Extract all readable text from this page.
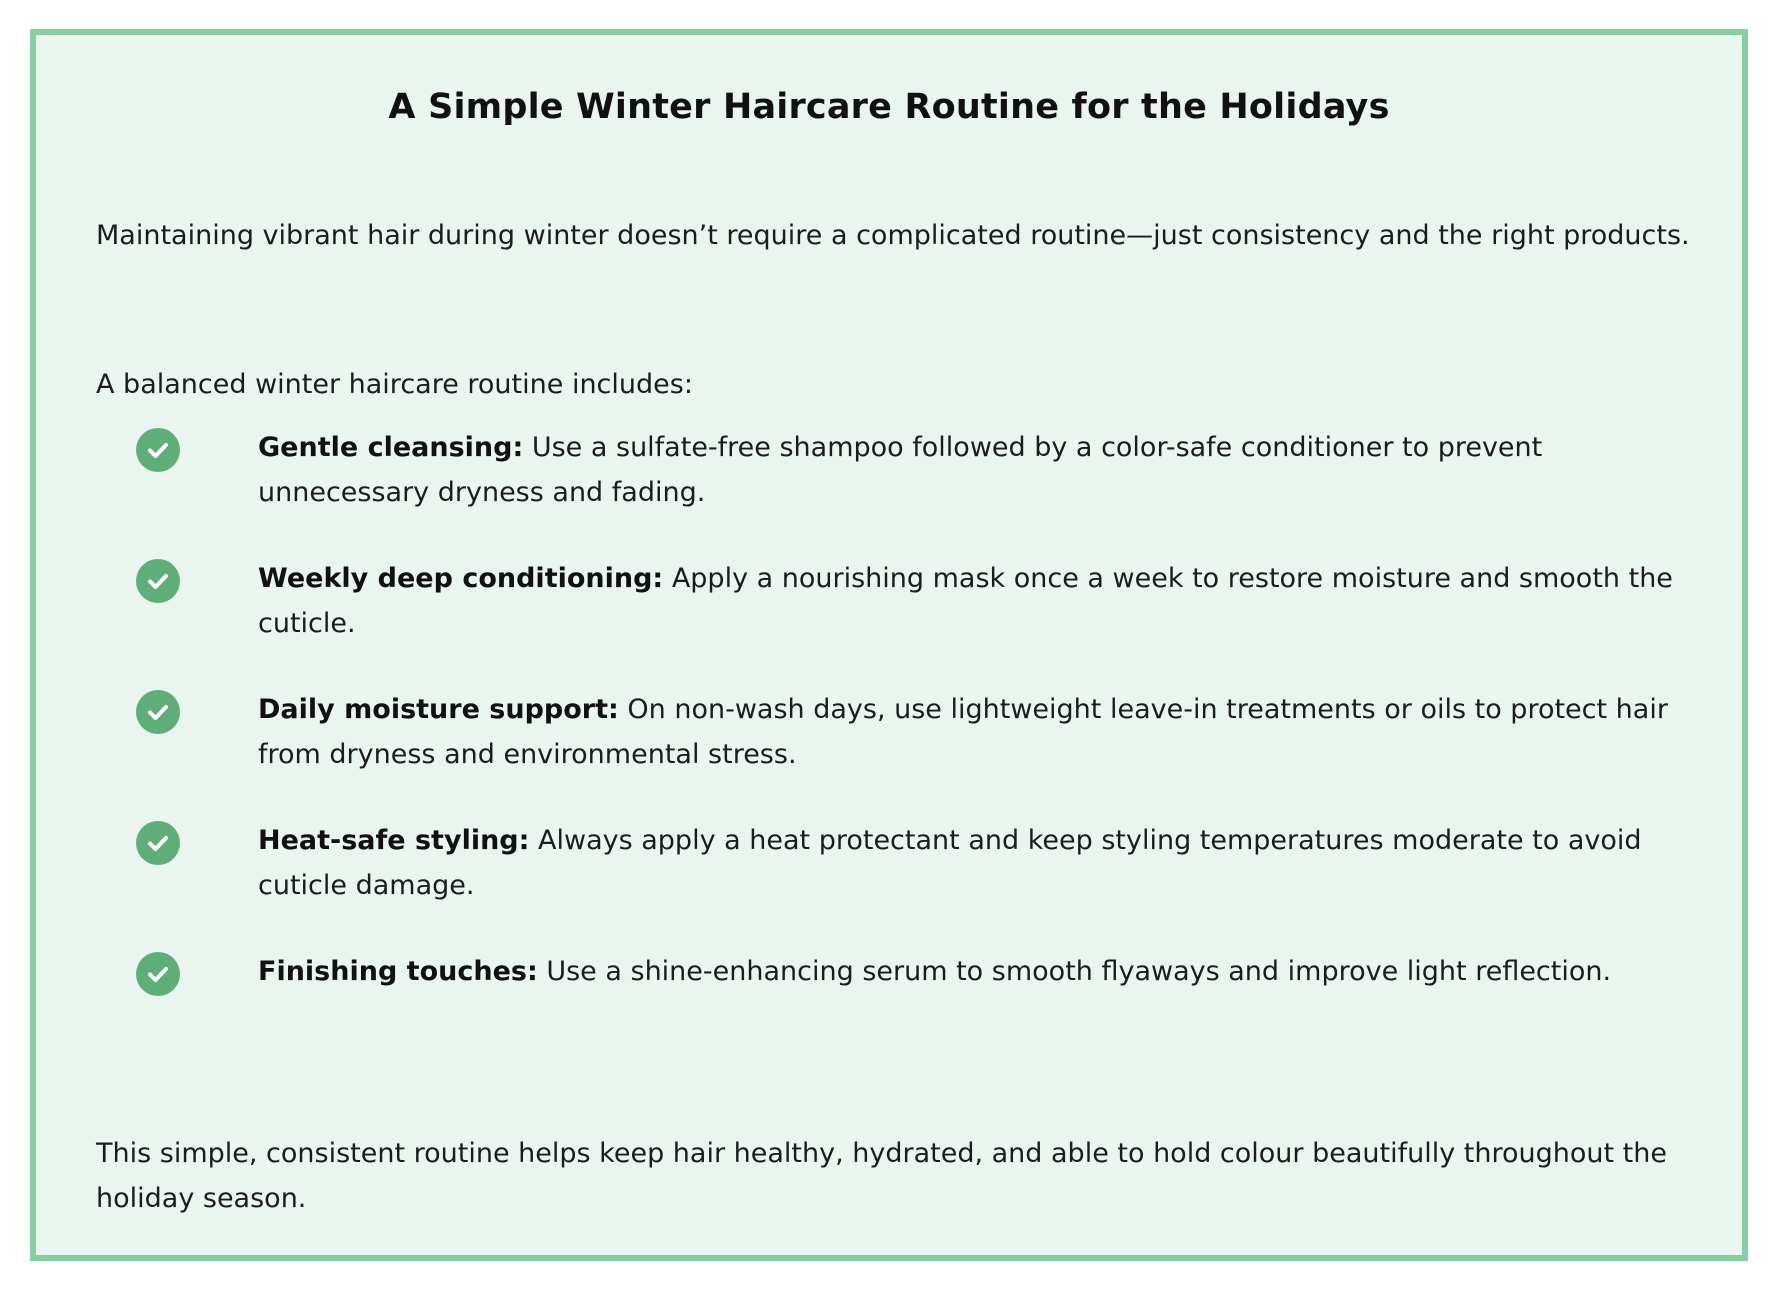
A Simple Winter Haircare Routine for the Holidays

Maintaining vibrant hair during winter doesn’t require a complicated routine—just consistency and the right products.

A balanced winter haircare routine includes:

Gentle cleansing: Use a sulfate-free shampoo followed by a color-safe conditioner to prevent unnecessary dryness and fading.

Weekly deep conditioning: Apply a nourishing mask once a week to restore moisture and smooth the cuticle.

Daily moisture support: On non-wash days, use lightweight leave-in treatments or oils to protect hair from dryness and environmental stress.

Heat-safe styling: Always apply a heat protectant and keep styling temperatures moderate to avoid cuticle damage.

Finishing touches: Use a shine-enhancing serum to smooth flyaways and improve light reflection.

This simple, consistent routine helps keep hair healthy, hydrated, and able to hold colour beautifully throughout the holiday season.
